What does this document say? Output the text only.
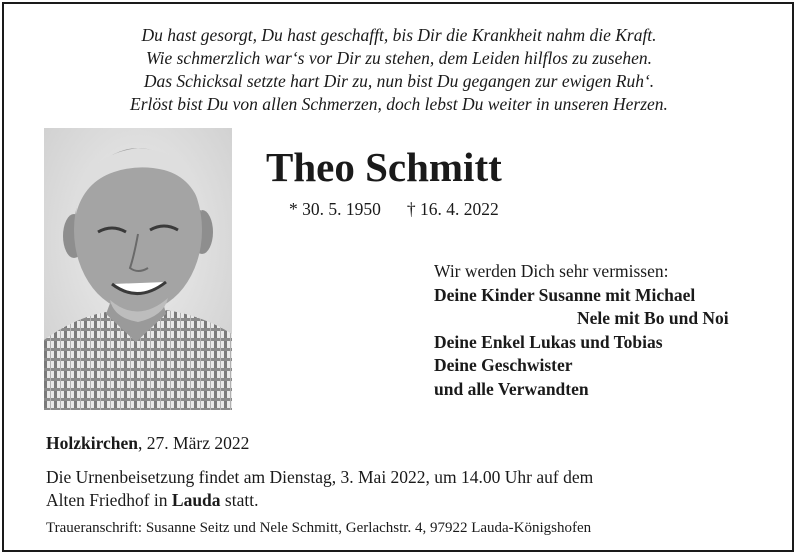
Du hast gesorgt, Du hast geschafft, bis Dir die Krankheit nahm die Kraft.
Wie schmerzlich war‘s vor Dir zu stehen, dem Leiden hilflos zu zusehen.
Das Schicksal setzte hart Dir zu, nun bist Du gegangen zur ewigen Ruh‘.
Erlöst bist Du von allen Schmerzen, doch lebst Du weiter in unseren Herzen.
Theo Schmitt
* 30. 5. 1950 † 16. 4. 2022
Wir werden Dich sehr vermissen:
Deine Kinder Susanne mit Michael
Nele mit Bo und Noi
Deine Enkel Lukas und Tobias
Deine Geschwister
und alle Verwandten
Holzkirchen, 27. März 2022
Die Urnenbeisetzung findet am Dienstag, 3. Mai 2022, um 14.00 Uhr auf dem
Alten Friedhof in Lauda statt.
Traueranschrift: Susanne Seitz und Nele Schmitt, Gerlachstr. 4, 97922 Lauda-Königshofen
